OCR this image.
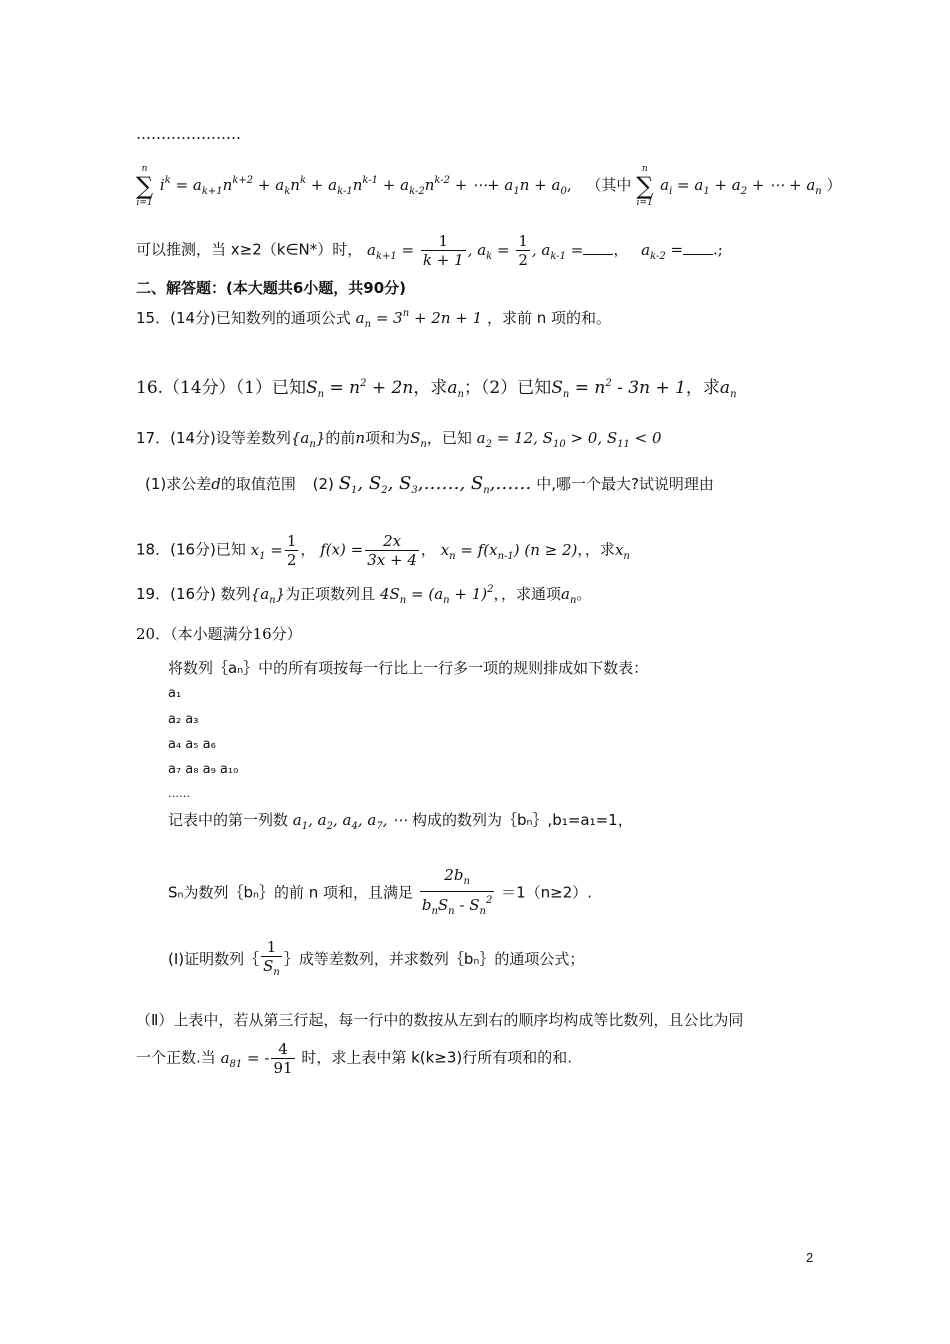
…………………
n
∑
i=1
$i^k = a_{k+1}n^{k+2} + a_kn^k + a_{k-1}n^{k-1} + a_{k-2}n^{k-2}$ + ⋯+ $a_1n + a_0$, （其中
n
∑
i=1
$a_i = a_1 + a_2$ + ⋯ + $a_n$ ）
可以推测，当 x≥2（k∈N*）时， $a_{k+1} = \frac{1}{k + 1}$ , $a_k = \frac{1}{2}$ , $a_{k-1}$ = ， $a_{k-2}$ = .;
二、解答题：(本大题共6小题，共90分)
15．(14分)已知数列的通项公式 $a_n = 3^n + 2n + 1$ ，求前 n 项的和。
16.（14分）（1）已知$S_n = n^2 + 2n$，求$a_n$；（2）已知$S_n = n^2 - 3n + 1$，求$a_n$
17．(14分)设等差数列$\{a_n\}$的前n项和为$S_n$，已知 $a_2 = 12$, $S_{10} > 0$, $S_{11} < 0$
(1)求公差d的取值范围 (2) $S_1$, $S_2$, $S_3,\dots\dots$, $S_n,\dots\dots$ 中,哪一个最大?试说明理由
18．(16分)已知 $x_1 = \frac{1}{2}$ ， $f(x) = \frac{2x}{3x + 4}$ ， $x_n = f(x_{n-1}) (n \ge 2)$，，求$x_n$
19．(16分) 数列$\{a_n\}$为正项数列且 $4S_n = (a_n + 1)^2$，，求通项$a_n$。
20．（本小题满分16分）
将数列｛aₙ｝中的所有项按每一行比上一行多一项的规则排成如下数表：
a₁
a₂ a₃
a₄ a₅ a₆
a₇ a₈ a₉ a₁₀
……
记表中的第一列数 $a_1$, $a_2$, $a_4$, $a_7$, ⋯ 构成的数列为｛bₙ｝,b₁=a₁=1，
Sₙ为数列｛bₙ｝的前 n 项和，且满足 $\frac{2b_n}{b_nS_n - S_n^2} =1(n\ge 2)$.
(Ⅰ)证明数列｛ $\frac{1}{S_n}$ ｝成等差数列，并求数列｛bₙ｝的通项公式；
（Ⅱ）上表中，若从第三行起，每一行中的数按从左到右的顺序均构成等比数列，且公比为同
一个正数.当 $a_{81}$ = - $\frac{4}{91}$ 时，求上表中第 k(k≥3)行所有项和的和.
2
